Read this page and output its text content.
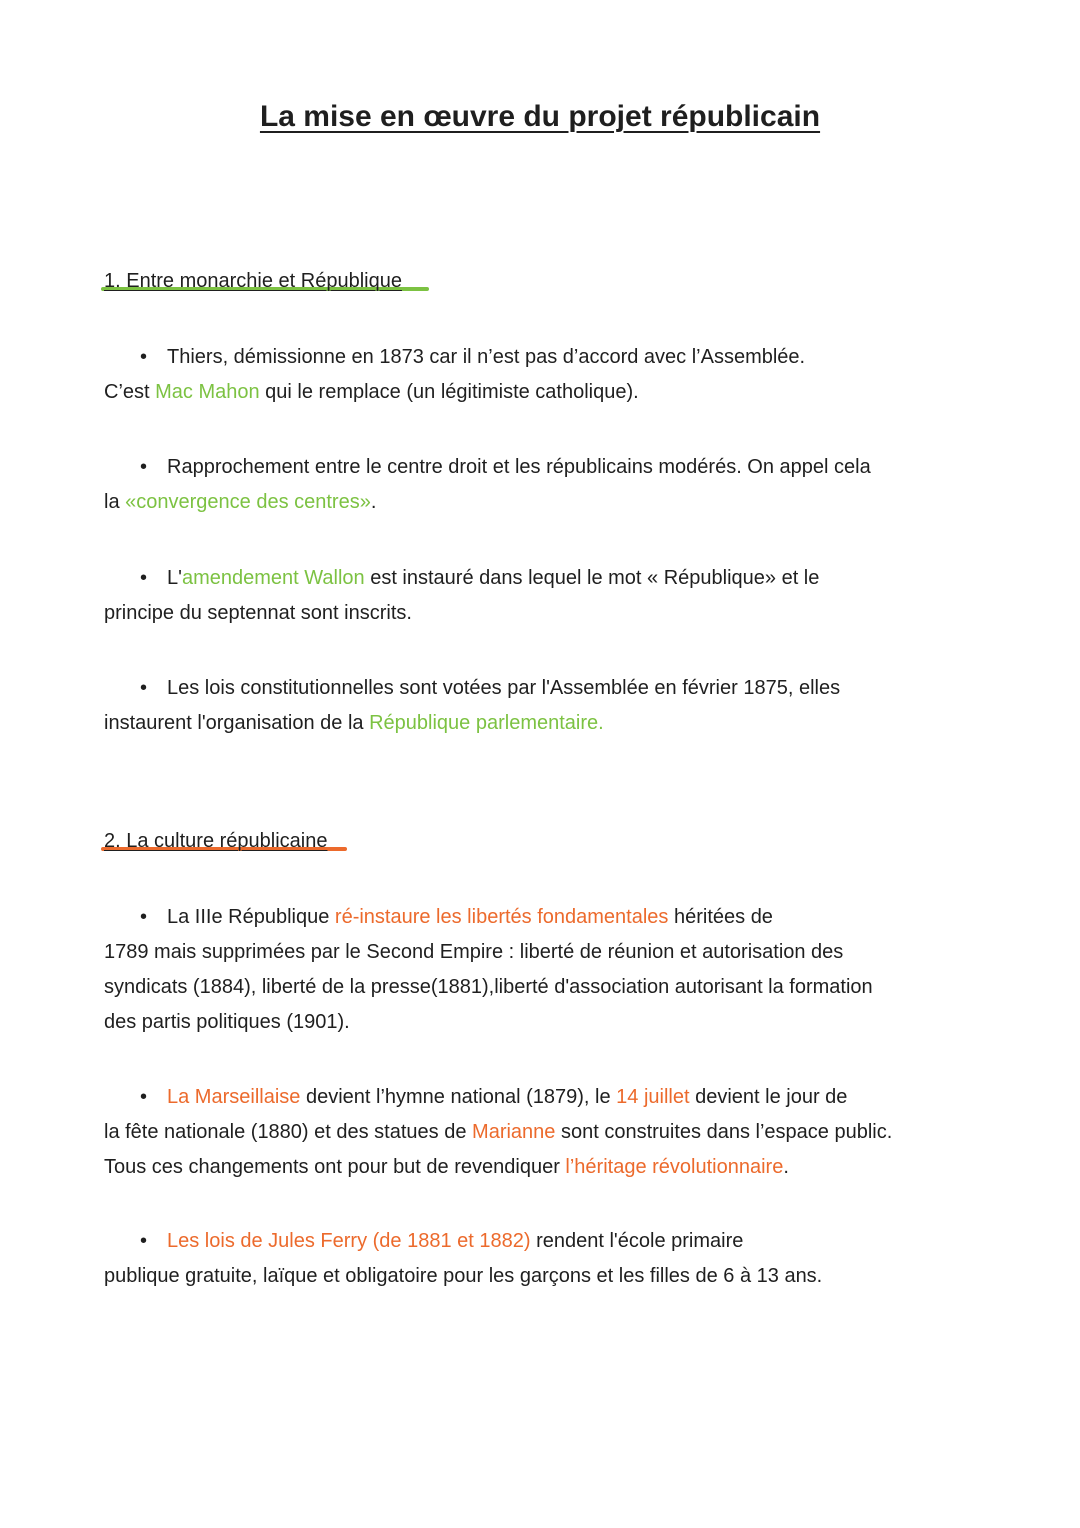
La mise en œuvre du projet républicain
1. Entre monarchie et République
• Thiers, démissionne en 1873 car il n’est pas d’accord avec l’Assemblée.
C’est Mac Mahon qui le remplace (un légitimiste catholique).
• Rapprochement entre le centre droit et les républicains modérés. On appel cela
la «convergence des centres».
• L'amendement Wallon est instauré dans lequel le mot « République» et le
principe du septennat sont inscrits.
• Les lois constitutionnelles sont votées par l'Assemblée en février 1875, elles
instaurent l'organisation de la République parlementaire.
2. La culture républicaine
• La IIIe République ré-instaure les libertés fondamentales héritées de
1789 mais supprimées par le Second Empire : liberté de réunion et autorisation des
syndicats (1884), liberté de la presse(1881),liberté d'association autorisant la formation
des partis politiques (1901).
• La Marseillaise devient l’hymne national (1879), le 14 juillet devient le jour de
la fête nationale (1880) et des statues de Marianne sont construites dans l’espace public.
Tous ces changements ont pour but de revendiquer l’héritage révolutionnaire.
• Les lois de Jules Ferry (de 1881 et 1882) rendent l'école primaire
publique gratuite, laïque et obligatoire pour les garçons et les filles de 6 à 13 ans.
